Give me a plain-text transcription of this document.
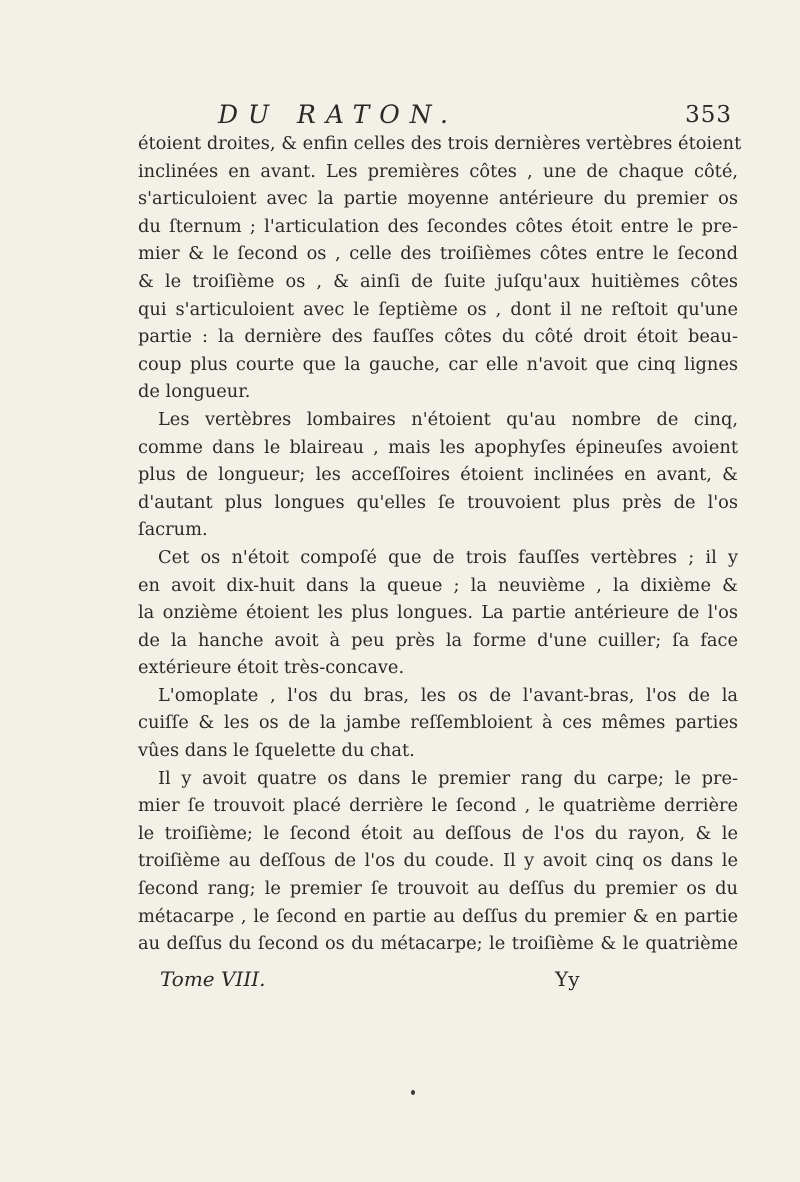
DU RATON.	353
étoient droites, & enfin celles des trois dernières vertèbres étoient
inclinées en avant. Les premières côtes , une de chaque côté,
s'articuloient avec la partie moyenne antérieure du premier os
du ſternum ; l'articulation des ſecondes côtes étoit entre le pre-
mier & le ſecond os , celle des troiſièmes côtes entre le ſecond
& le troiſième os , & ainſi de ſuite juſqu'aux huitièmes côtes
qui s'articuloient avec le ſeptième os , dont il ne reſtoit qu'une
partie : la dernière des fauſſes côtes du côté droit étoit beau-
coup plus courte que la gauche, car elle n'avoit que cinq lignes
de longueur.
Les vertèbres lombaires n'étoient qu'au nombre de cinq,
comme dans le blaireau , mais les apophyſes épineuſes avoient
plus de longueur; les acceſſoires étoient inclinées en avant, &
d'autant plus longues qu'elles ſe trouvoient plus près de l'os
ſacrum.
Cet os n'étoit compoſé que de trois fauſſes vertèbres ; il y
en avoit dix-huit dans la queue ; la neuvième , la dixième &
la onzième étoient les plus longues. La partie antérieure de l'os
de la hanche avoit à peu près la forme d'une cuiller; ſa face
extérieure étoit très-concave.
L'omoplate , l'os du bras, les os de l'avant-bras, l'os de la
cuiſſe & les os de la jambe reſſembloient à ces mêmes parties
vûes dans le ſquelette du chat.
Il y avoit quatre os dans le premier rang du carpe; le pre-
mier ſe trouvoit placé derrière le ſecond , le quatrième derrière
le troiſième; le ſecond étoit au deſſous de l'os du rayon, & le
troiſième au deſſous de l'os du coude. Il y avoit cinq os dans le
ſecond rang; le premier ſe trouvoit au deſſus du premier os du
métacarpe , le ſecond en partie au deſſus du premier & en partie
au deſſus du ſecond os du métacarpe; le troiſième & le quatrième
Tome VIII.	Yy
